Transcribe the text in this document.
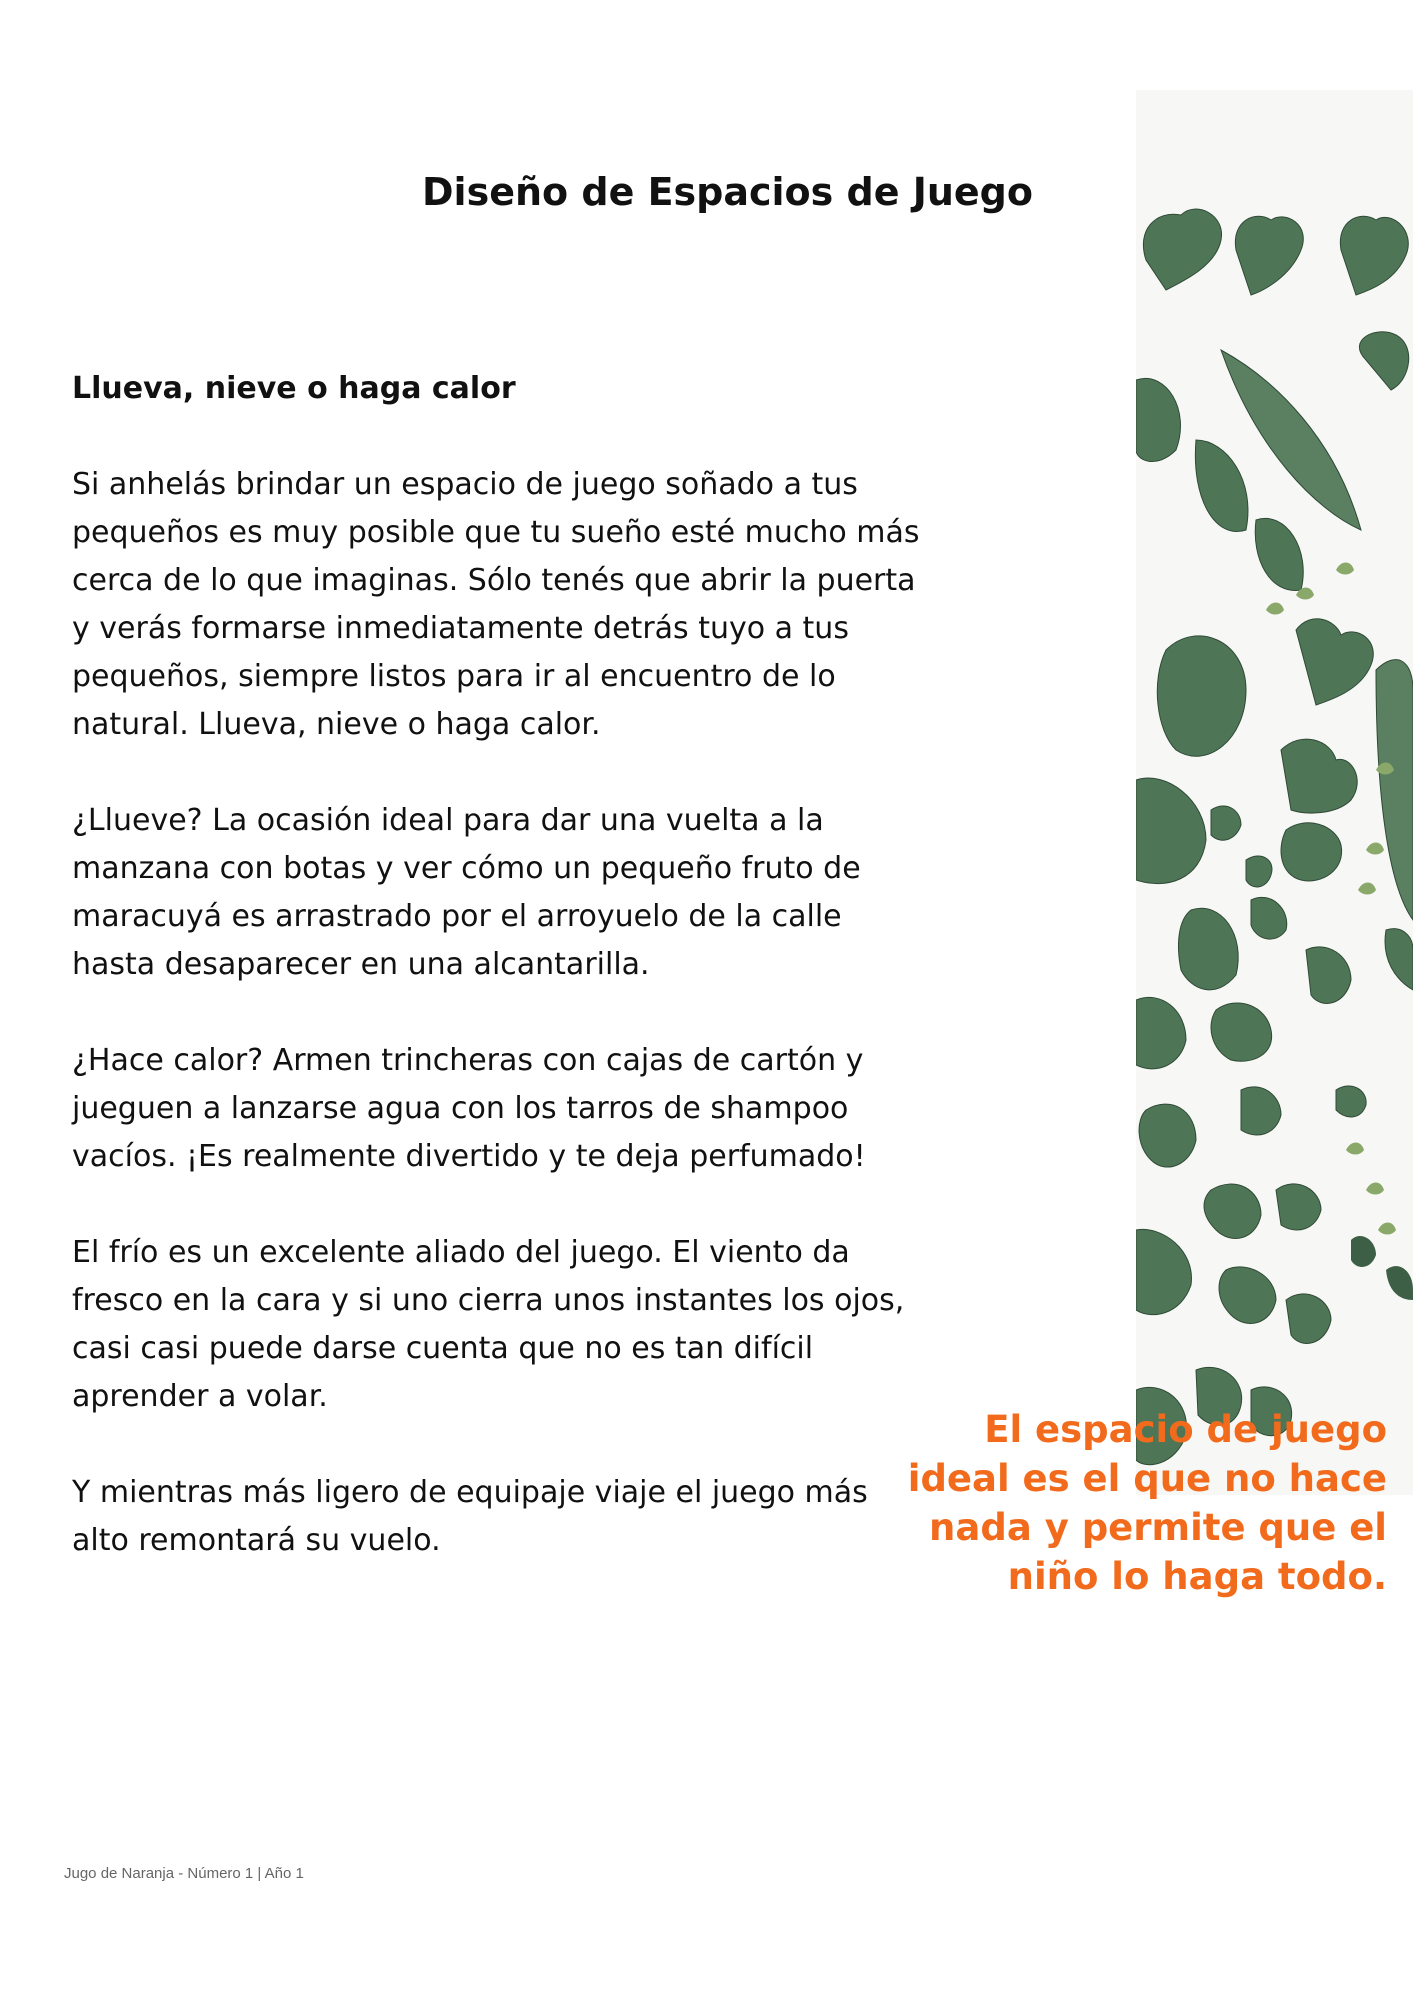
Diseño de Espacios de Juego
Llueva, nieve o haga calor

Si anhelás brindar un espacio de juego soñado a tus pequeños es muy posible que tu sueño esté mucho más cerca de lo que imaginas. Sólo tenés que abrir la puerta y verás formarse inmediatamente detrás tuyo a tus pequeños, siempre listos para ir al encuentro de lo natural. Llueva, nieve o haga calor.

¿Llueve? La ocasión ideal para dar una vuelta a la manzana con botas y ver cómo un pequeño fruto de maracuyá es arrastrado por el arroyuelo de la calle hasta desaparecer en una alcantarilla.

¿Hace calor? Armen trincheras con cajas de cartón y jueguen a lanzarse agua con los tarros de shampoo vacíos. ¡Es realmente divertido y te deja perfumado!

El frío es un excelente aliado del juego. El viento da fresco en la cara y si uno cierra unos instantes los ojos, casi casi puede darse cuenta que no es tan difícil aprender a volar.

Y mientras más ligero de equipaje viaje el juego más alto remontará su vuelo.

El espacio de juego ideal es el que no hace nada y permite que el niño lo haga todo.
Jugo de Naranja - Número 1 | Año 1
